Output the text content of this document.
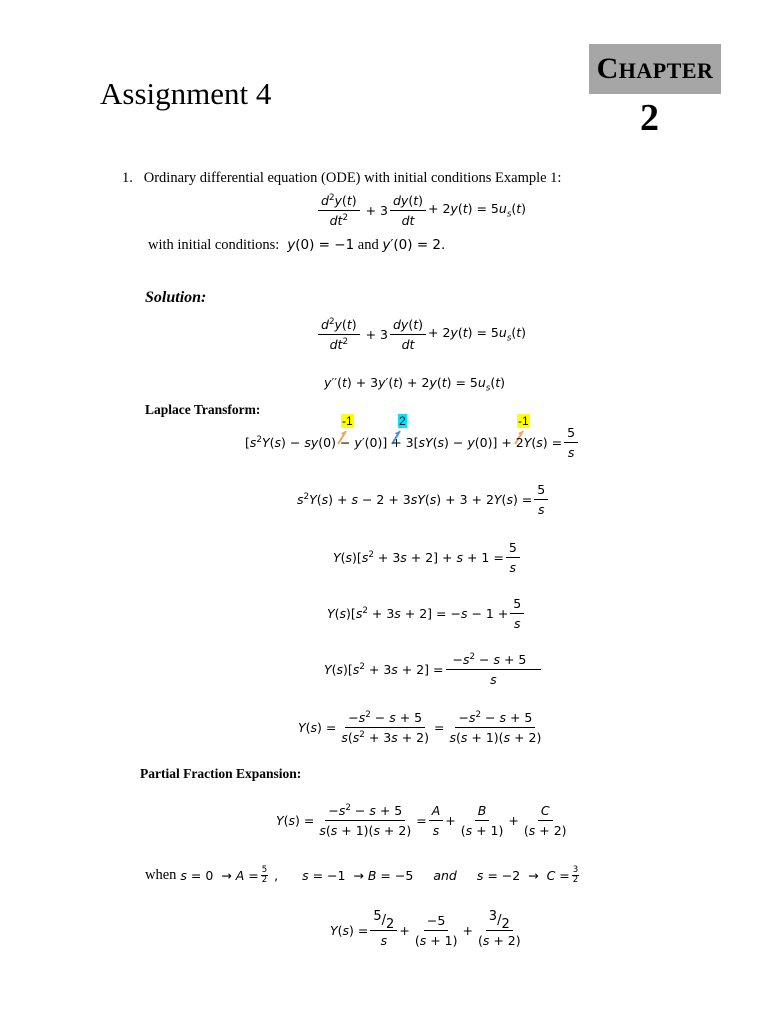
Assignment 4
CHAPTER
2
1. Ordinary differential equation (ODE) with initial conditions Example 1:
$\frac{d^2y(t)}{dt^2} + 3 \frac{dy(t)}{dt} + 2y(t) = 5u_s(t)$
with initial conditions: y (0) = −1 and y ′(0) = 2.
Solution:
$\frac{d^2y(t)}{dt^2} + 3 \frac{dy(t)}{dt} + 2y(t) = 5u_s(t)$
$y''(t) + 3y'(t) + 2y(t) = 5u_s(t)$
Laplace Transform:
-1	2	-1
$[s^2Y(s) - sy(0) - y'(0)] + 3[sY(s) - y(0)] + 2Y(s) = \frac{5}{s}$
$s^2Y(s) + s - 2 + 3sY(s) + 3 + 2Y(s) = \frac{5}{s}$
$Y(s)[s^2 + 3s + 2] + s + 1 = \frac{5}{s}$
$Y(s)[s^2 + 3s + 2] = -s - 1 + \frac{5}{s}$
$Y(s)[s^2 + 3s + 2] = \frac{-s^2 - s + 5}{s}$
$Y(s) = \frac{-s^2 - s + 5}{s(s^2 + 3s + 2)} = \frac{-s^2 - s + 5}{s(s + 1)(s + 2)}$
Partial Fraction Expansion:
$Y(s) = \frac{-s^2 - s + 5}{s(s + 1)(s + 2)} = \frac{A}{s} + \frac{B}{(s + 1)} + \frac{C}{(s + 2)}$
when $s = 0 \to A = \frac{5}{2}$ , s = −1  → B = −5 and $s = -2 \to C = \frac{3}{2}$
$Y(s) = \frac{5 / 2}{s} + \frac{-5}{(s + 1)} + \frac{3 / 2}{(s + 2)}$
